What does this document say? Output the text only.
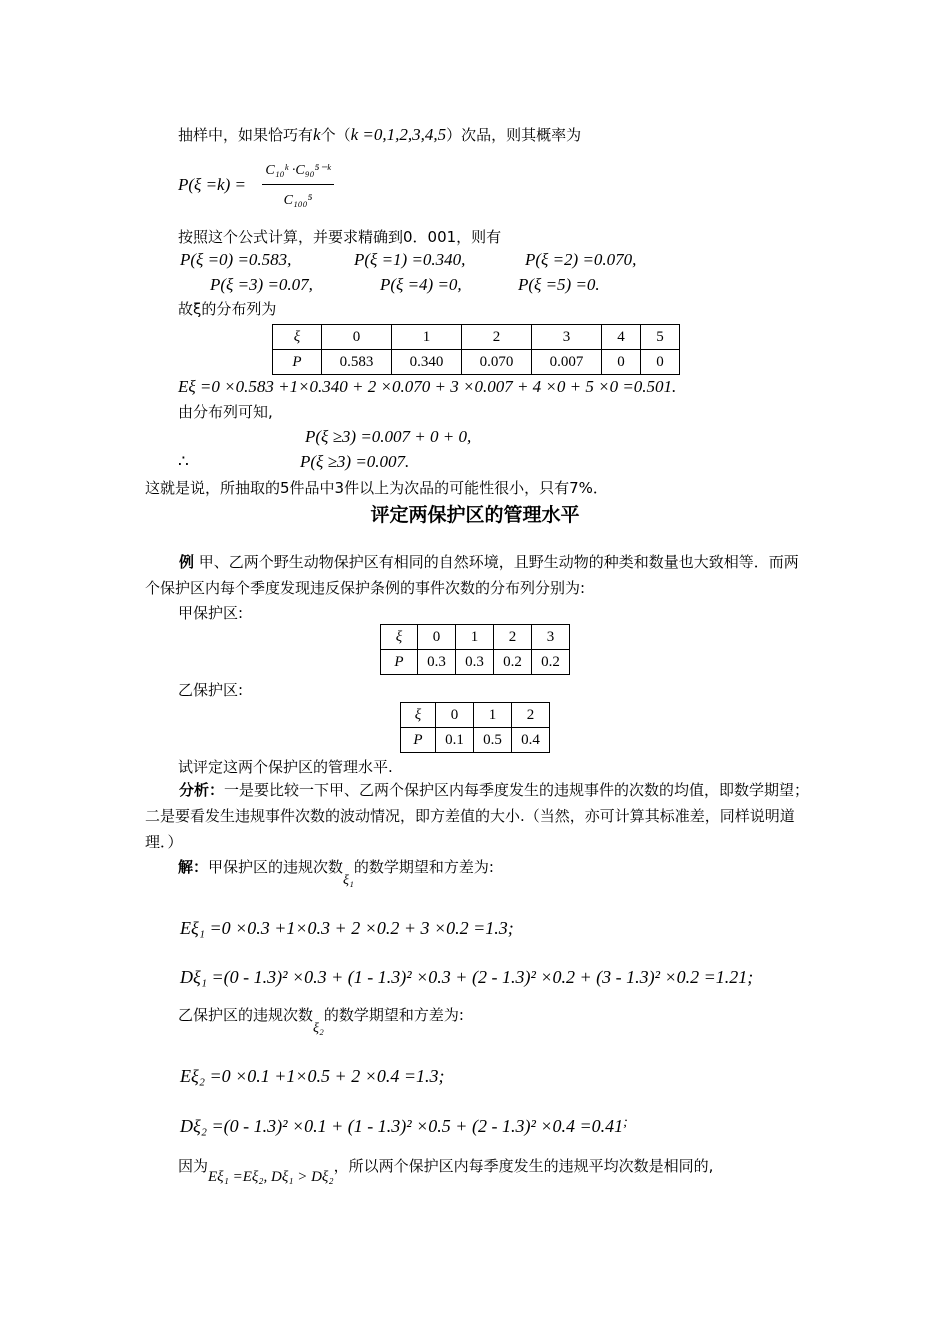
抽样中，如果恰巧有k个（k =0,1,2,3,4,5）次品，则其概率为
P(ξ =k) =
C₁₀ᵏ ·C₉₀⁵⁻ᵏ
C₁₀₀⁵
按照这个公式计算，并要求精确到0．001，则有
P(ξ =0) =0.583,	P(ξ =1) =0.340,	P(ξ =2) =0.070,
P(ξ =3) =0.07,	P(ξ =4) =0,	P(ξ =5) =0.
故ξ的分布列为
ξ	0	1	2	3	4	5
P	0.583	0.340	0.070	0.007	0	0
Eξ =0 ×0.583 +1×0.340 + 2 ×0.070 + 3 ×0.007 + 4 ×0 + 5 ×0 =0.501.
由分布列可知,
P(ξ ≥3) =0.007 + 0 + 0,
∴	P(ξ ≥3) =0.007.
这就是说，所抽取的5件品中3件以上为次品的可能性很小，只有7%．
评定两保护区的管理水平
例 甲、乙两个野生动物保护区有相同的自然环境，且野生动物的种类和数量也大致相等．而两个保护区内每个季度发现违反保护条例的事件次数的分布列分别为:
甲保护区:
ξ	0	1	2	3
P	0.3	0.3	0.2	0.2
乙保护区:
ξ	0	1	2
P	0.1	0.5	0.4
试评定这两个保护区的管理水平.
分析：一是要比较一下甲、乙两个保护区内每季度发生的违规事件的次数的均值，即数学期望；二是要看发生违规事件次数的波动情况，即方差值的大小.（当然，亦可计算其标准差，同样说明道理．）
解：甲保护区的违规次数ξ₁的数学期望和方差为:
Eξ₁ =0 ×0.3 +1×0.3 + 2 ×0.2 + 3 ×0.2 =1.3;
Dξ₁ =(0 - 1.3)² ×0.3 + (1 - 1.3)² ×0.3 + (2 - 1.3)² ×0.2 + (3 - 1.3)² ×0.2 =1.21;
乙保护区的违规次数ξ₂的数学期望和方差为:
Eξ₂ =0 ×0.1 +1×0.5 + 2 ×0.4 =1.3;
Dξ₂ =(0 - 1.3)² ×0.1 + (1 - 1.3)² ×0.5 + (2 - 1.3)² ×0.4 =0.41;
因为Eξ₁ =Eξ₂, Dξ₁ > Dξ₂，所以两个保护区内每季度发生的违规平均次数是相同的,
